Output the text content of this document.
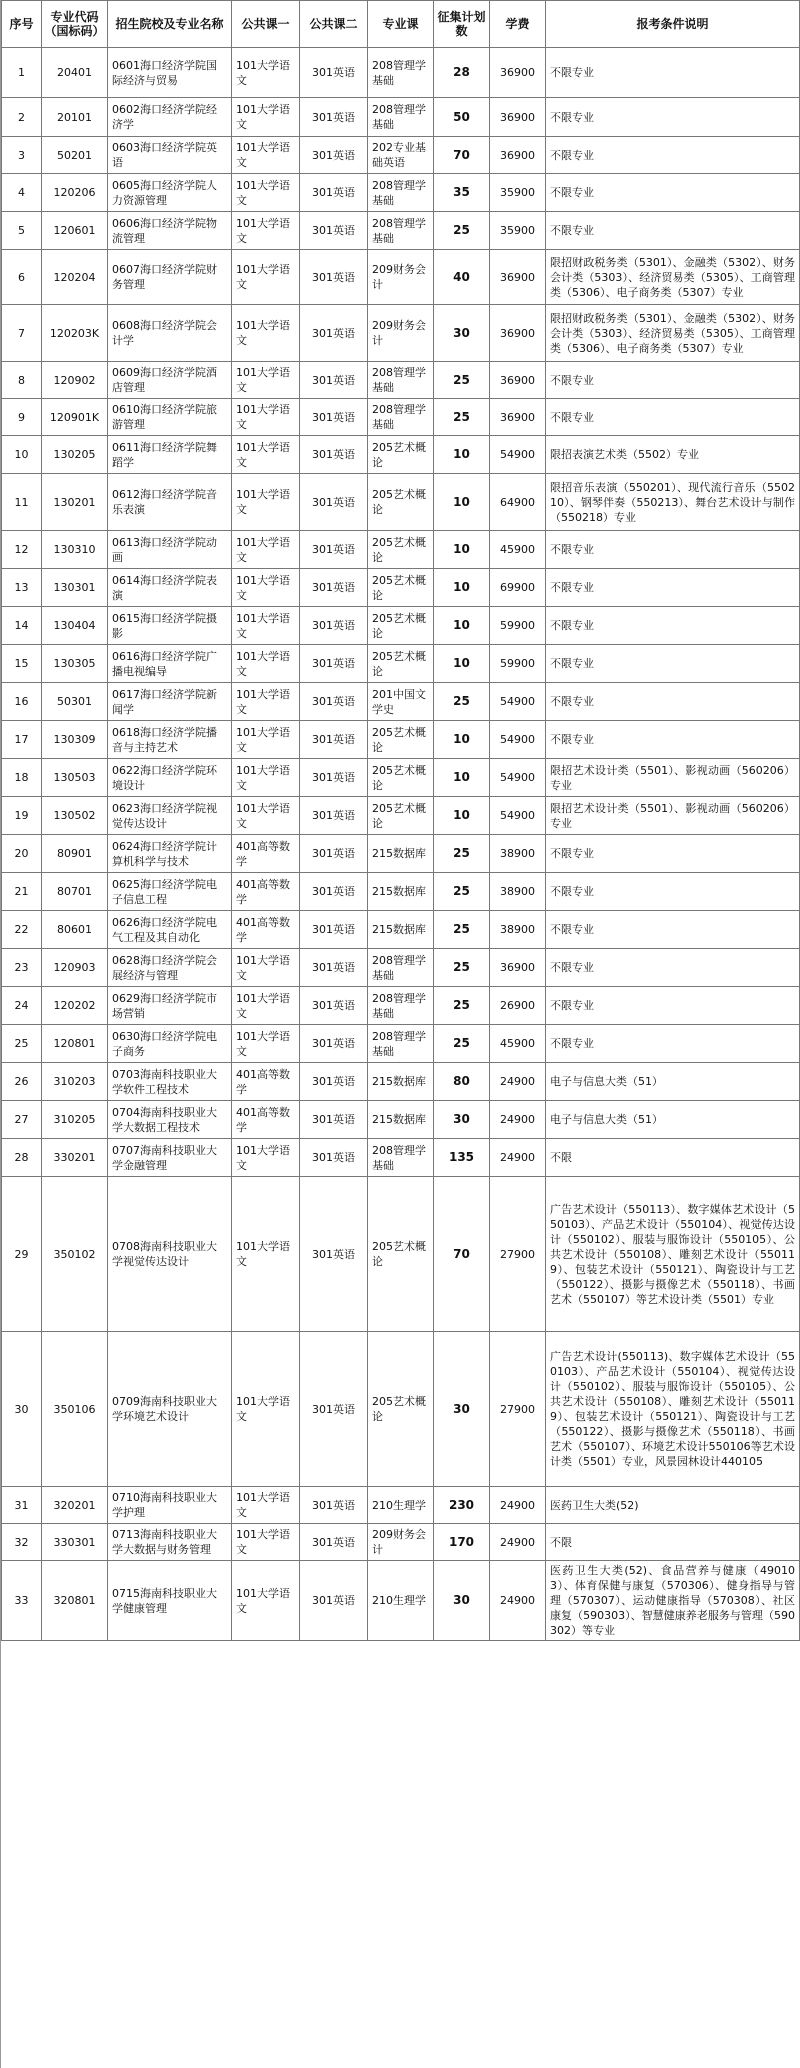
序号	专业代码（国标码）	招生院校及专业名称	公共课一	公共课二	专业课	征集计划数	学费	报考条件说明
1	20401	0601海口经济学院国际经济与贸易	101大学语文	301英语	208管理学基础	28	36900	不限专业
2	20101	0602海口经济学院经济学	101大学语文	301英语	208管理学基础	50	36900	不限专业
3	50201	0603海口经济学院英语	101大学语文	301英语	202专业基础英语	70	36900	不限专业
4	120206	0605海口经济学院人力资源管理	101大学语文	301英语	208管理学基础	35	35900	不限专业
5	120601	0606海口经济学院物流管理	101大学语文	301英语	208管理学基础	25	35900	不限专业
6	120204	0607海口经济学院财务管理	101大学语文	301英语	209财务会计	40	36900	限招财政税务类（5301）、金融类（5302）、财务会计类（5303）、经济贸易类（5305）、工商管理类（5306）、电子商务类（5307）专业
7	120203K	0608海口经济学院会计学	101大学语文	301英语	209财务会计	30	36900	限招财政税务类（5301）、金融类（5302）、财务会计类（5303）、经济贸易类（5305）、工商管理类（5306）、电子商务类（5307）专业
8	120902	0609海口经济学院酒店管理	101大学语文	301英语	208管理学基础	25	36900	不限专业
9	120901K	0610海口经济学院旅游管理	101大学语文	301英语	208管理学基础	25	36900	不限专业
10	130205	0611海口经济学院舞蹈学	101大学语文	301英语	205艺术概论	10	54900	限招表演艺术类（5502）专业
11	130201	0612海口经济学院音乐表演	101大学语文	301英语	205艺术概论	10	64900	限招音乐表演（550201）、现代流行音乐（550210）、钢琴伴奏（550213）、舞台艺术设计与制作（550218）专业
12	130310	0613海口经济学院动画	101大学语文	301英语	205艺术概论	10	45900	不限专业
13	130301	0614海口经济学院表演	101大学语文	301英语	205艺术概论	10	69900	不限专业
14	130404	0615海口经济学院摄影	101大学语文	301英语	205艺术概论	10	59900	不限专业
15	130305	0616海口经济学院广播电视编导	101大学语文	301英语	205艺术概论	10	59900	不限专业
16	50301	0617海口经济学院新闻学	101大学语文	301英语	201中国文学史	25	54900	不限专业
17	130309	0618海口经济学院播音与主持艺术	101大学语文	301英语	205艺术概论	10	54900	不限专业
18	130503	0622海口经济学院环境设计	101大学语文	301英语	205艺术概论	10	54900	限招艺术设计类（5501）、影视动画（560206）专业
19	130502	0623海口经济学院视觉传达设计	101大学语文	301英语	205艺术概论	10	54900	限招艺术设计类（5501）、影视动画（560206）专业
20	80901	0624海口经济学院计算机科学与技术	401高等数学	301英语	215数据库	25	38900	不限专业
21	80701	0625海口经济学院电子信息工程	401高等数学	301英语	215数据库	25	38900	不限专业
22	80601	0626海口经济学院电气工程及其自动化	401高等数学	301英语	215数据库	25	38900	不限专业
23	120903	0628海口经济学院会展经济与管理	101大学语文	301英语	208管理学基础	25	36900	不限专业
24	120202	0629海口经济学院市场营销	101大学语文	301英语	208管理学基础	25	26900	不限专业
25	120801	0630海口经济学院电子商务	101大学语文	301英语	208管理学基础	25	45900	不限专业
26	310203	0703海南科技职业大学软件工程技术	401高等数学	301英语	215数据库	80	24900	电子与信息大类（51）
27	310205	0704海南科技职业大学大数据工程技术	401高等数学	301英语	215数据库	30	24900	电子与信息大类（51）
28	330201	0707海南科技职业大学金融管理	101大学语文	301英语	208管理学基础	135	24900	不限
29	350102	0708海南科技职业大学视觉传达设计	101大学语文	301英语	205艺术概论	70	27900	广告艺术设计（550113）、数字媒体艺术设计（550103）、产品艺术设计（550104）、视觉传达设计（550102）、服装与服饰设计（550105）、公共艺术设计（550108）、雕刻艺术设计（550119）、包装艺术设计（550121）、陶瓷设计与工艺（550122）、摄影与摄像艺术（550118）、书画艺术（550107）等艺术设计类（5501）专业
30	350106	0709海南科技职业大学环境艺术设计	101大学语文	301英语	205艺术概论	30	27900	广告艺术设计(550113)、数字媒体艺术设计（550103）、产品艺术设计（550104）、视觉传达设计（550102）、服装与服饰设计（550105）、公共艺术设计（550108）、雕刻艺术设计（550119）、包装艺术设计（550121）、陶瓷设计与工艺（550122）、摄影与摄像艺术（550118）、书画艺术（550107）、环境艺术设计550106等艺术设计类（5501）专业，风景园林设计440105
31	320201	0710海南科技职业大学护理	101大学语文	301英语	210生理学	230	24900	医药卫生大类(52)
32	330301	0713海南科技职业大学大数据与财务管理	101大学语文	301英语	209财务会计	170	24900	不限
33	320801	0715海南科技职业大学健康管理	101大学语文	301英语	210生理学	30	24900	医药卫生大类(52)、食品营养与健康（490103）、体育保健与康复（570306）、健身指导与管理（570307）、运动健康指导（570308）、社区康复（590303）、智慧健康养老服务与管理（590302）等专业
